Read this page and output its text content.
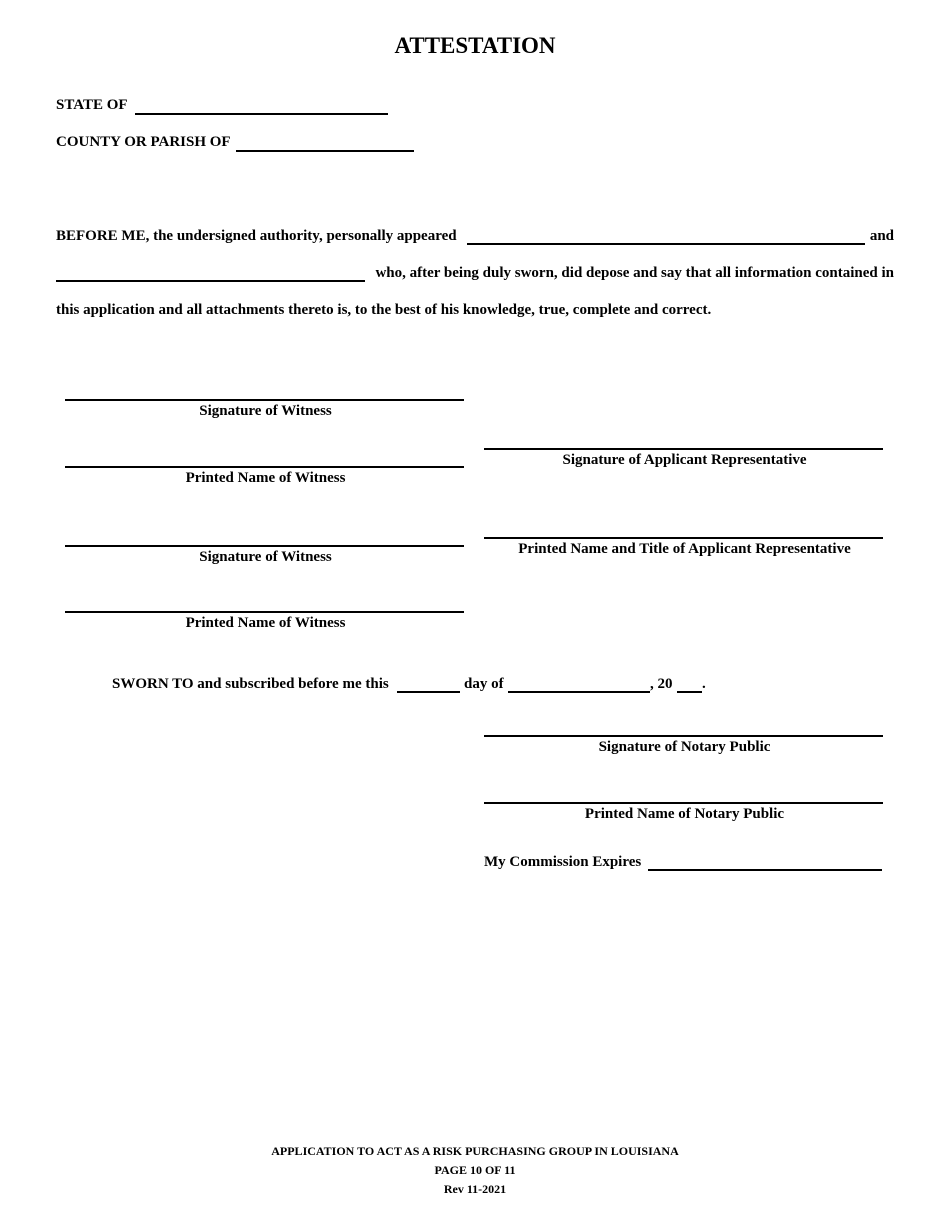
ATTESTATION
STATE OF
COUNTY OR PARISH OF
BEFORE ME, the undersigned authority, personally appeared	and
who, after being duly sworn, did depose and say that all information contained in
this application and all attachments thereto is, to the best of his knowledge, true, complete and correct.
Signature of Witness
Printed Name of Witness
Signature of Witness
Printed Name of Witness
Signature of Applicant Representative
Printed Name and Title of Applicant Representative
SWORN TO and subscribed before me this	day of	, 20 .
Signature of Notary Public
Printed Name of Notary Public
My Commission Expires
APPLICATION TO ACT AS A RISK PURCHASING GROUP IN LOUISIANA
PAGE 10 OF 11
Rev 11-2021
